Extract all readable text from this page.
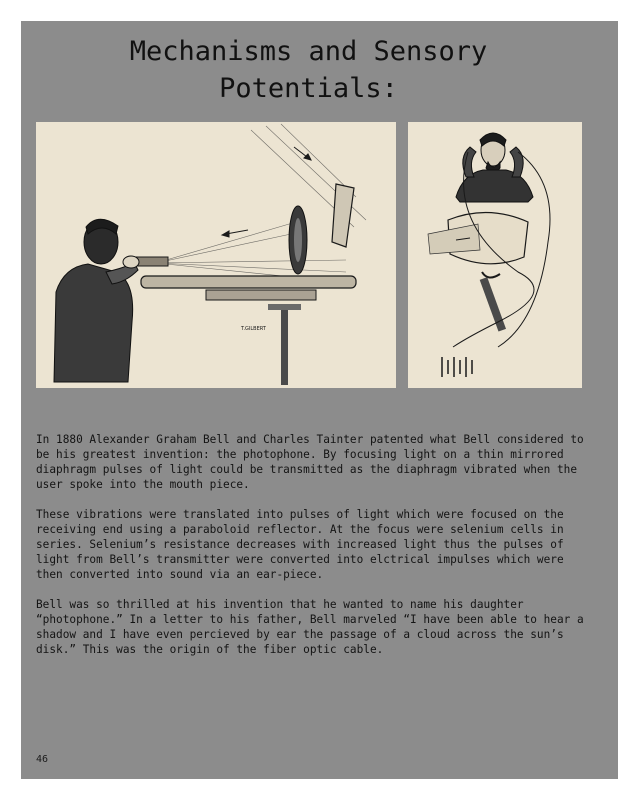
Mechanisms and Sensory
Potentials:
T.GILBERT

In 1880 Alexander Graham Bell and Charles Tainter patented what Bell considered to be his greatest invention: the photophone. By focusing light on a thin mirrored diaphragm pulses of light could be transmitted as the diaphragm vibrated when the user spoke into the mouth piece.

These vibrations were translated into pulses of light which were focused on the receiving end using a paraboloid reflector. At the focus were selenium cells in series. Selenium’s resistance decreases with increased light thus the pulses of light from Bell’s transmitter were converted into elctrical impulses which were then converted into sound via an ear-piece.

Bell was so thrilled at his invention that he wanted to name his daughter “photophone.” In a letter to his father, Bell marveled “I have been able to hear a shadow and I have even percieved by ear the passage of a cloud across the sun’s disk.” This was the origin of the fiber optic cable.

46
